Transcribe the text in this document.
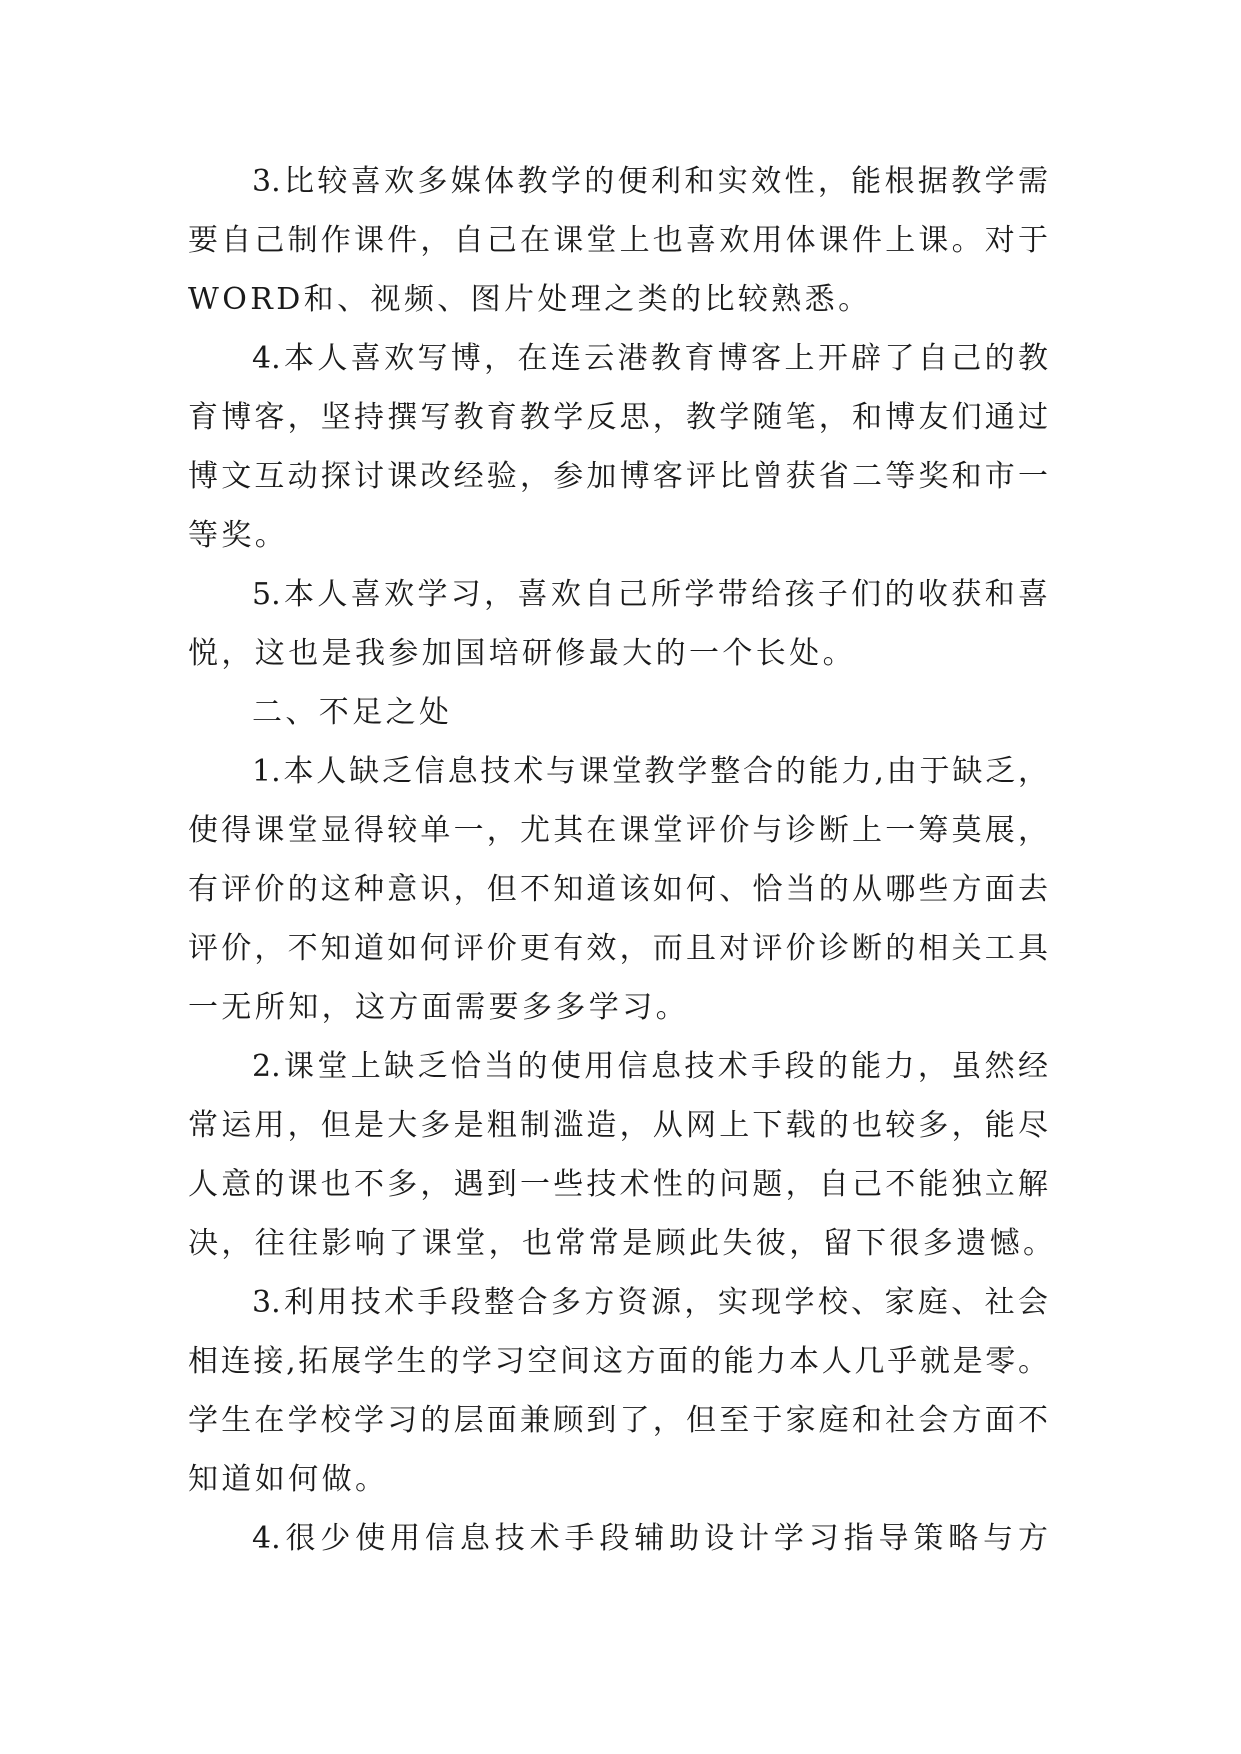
3.比较喜欢多媒体教学的便利和实效性，能根据教学需
要自己制作课件，自己在课堂上也喜欢用体课件上课。对于
WORD和、视频、图片处理之类的比较熟悉。
4.本人喜欢写博，在连云港教育博客上开辟了自己的教
育博客，坚持撰写教育教学反思，教学随笔，和博友们通过
博文互动探讨课改经验，参加博客评比曾获省二等奖和市一
等奖。
5.本人喜欢学习，喜欢自己所学带给孩子们的收获和喜
悦，这也是我参加国培研修最大的一个长处。
二、不足之处
1.本人缺乏信息技术与课堂教学整合的能力,由于缺乏，
使得课堂显得较单一，尤其在课堂评价与诊断上一筹莫展，
有评价的这种意识，但不知道该如何、恰当的从哪些方面去
评价，不知道如何评价更有效，而且对评价诊断的相关工具
一无所知，这方面需要多多学习。
2.课堂上缺乏恰当的使用信息技术手段的能力，虽然经
常运用，但是大多是粗制滥造，从网上下载的也较多，能尽
人意的课也不多，遇到一些技术性的问题，自己不能独立解
决，往往影响了课堂，也常常是顾此失彼，留下很多遗憾。
3.利用技术手段整合多方资源，实现学校、家庭、社会
相连接,拓展学生的学习空间这方面的能力本人几乎就是零。
学生在学校学习的层面兼顾到了，但至于家庭和社会方面不
知道如何做。
4.很少使用信息技术手段辅助设计学习指导策略与方
